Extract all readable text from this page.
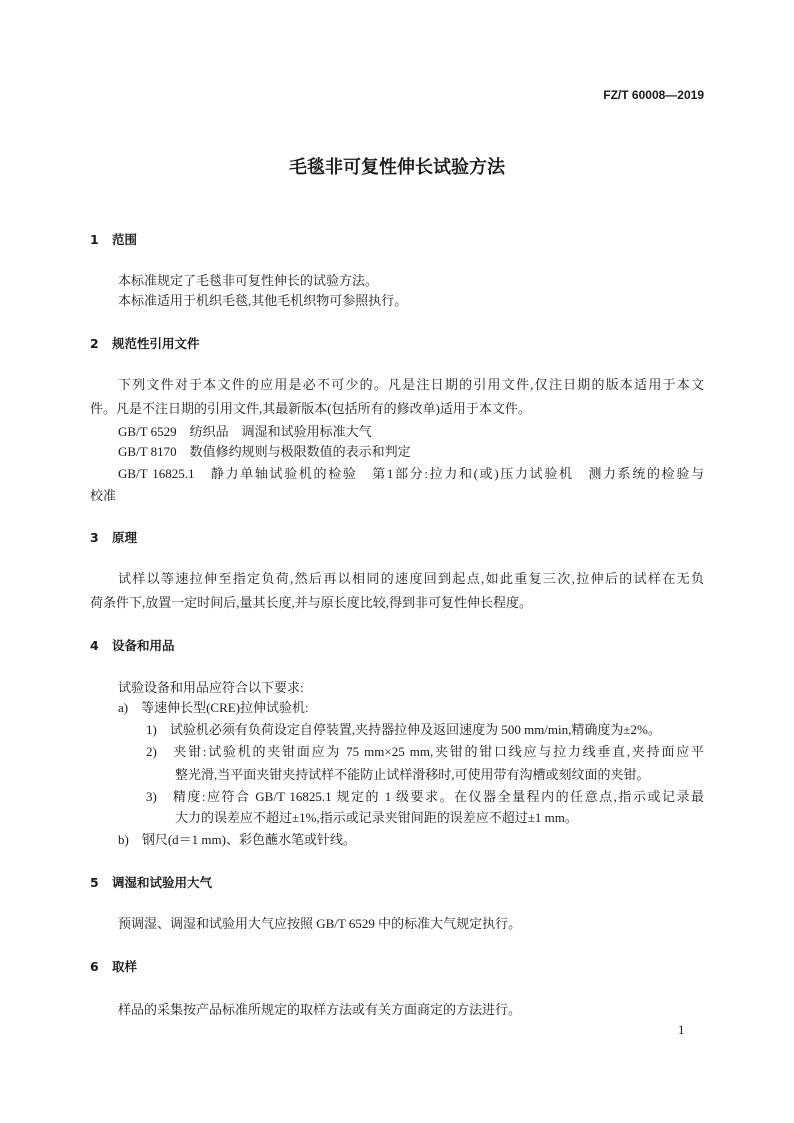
FZ/T 60008—2019
毛毯非可复性伸长试验方法
1 范围
本标准规定了毛毯非可复性伸长的试验方法。
本标准适用于机织毛毯,其他毛机织物可参照执行。
2 规范性引用文件
下列文件对于本文件的应用是必不可少的。凡是注日期的引用文件,仅注日期的版本适用于本文
件。凡是不注日期的引用文件,其最新版本(包括所有的修改单)适用于本文件。
GB/T 6529　纺织品　调湿和试验用标准大气
GB/T 8170　数值修约规则与极限数值的表示和判定
GB/T 16825.1　静力单轴试验机的检验　第1部分:拉力和(或)压力试验机　测力系统的检验与
校准
3 原理
试样以等速拉伸至指定负荷,然后再以相同的速度回到起点,如此重复三次,拉伸后的试样在无负
荷条件下,放置一定时间后,量其长度,并与原长度比较,得到非可复性伸长程度。
4 设备和用品
试验设备和用品应符合以下要求:
a)　等速伸长型(CRE)拉伸试验机:
1)　试验机必须有负荷设定自停装置,夹持器拉伸及返回速度为 500 mm/min,精确度为±2%。
2)　夹钳:试验机的夹钳面应为 75 mm×25 mm,夹钳的钳口线应与拉力线垂直,夹持面应平
整光滑,当平面夹钳夹持试样不能防止试样滑移时,可使用带有沟槽或刻纹面的夹钳。
3)　精度:应符合 GB/T 16825.1 规定的 1 级要求。在仪器全量程内的任意点,指示或记录最
大力的误差应不超过±1%,指示或记录夹钳间距的误差应不超过±1 mm。
b)　钢尺(d＝1 mm)、彩色蘸水笔或针线。
5 调湿和试验用大气
预调湿、调湿和试验用大气应按照 GB/T 6529 中的标准大气规定执行。
6 取样
样品的采集按产品标准所规定的取样方法或有关方面商定的方法进行。
1
